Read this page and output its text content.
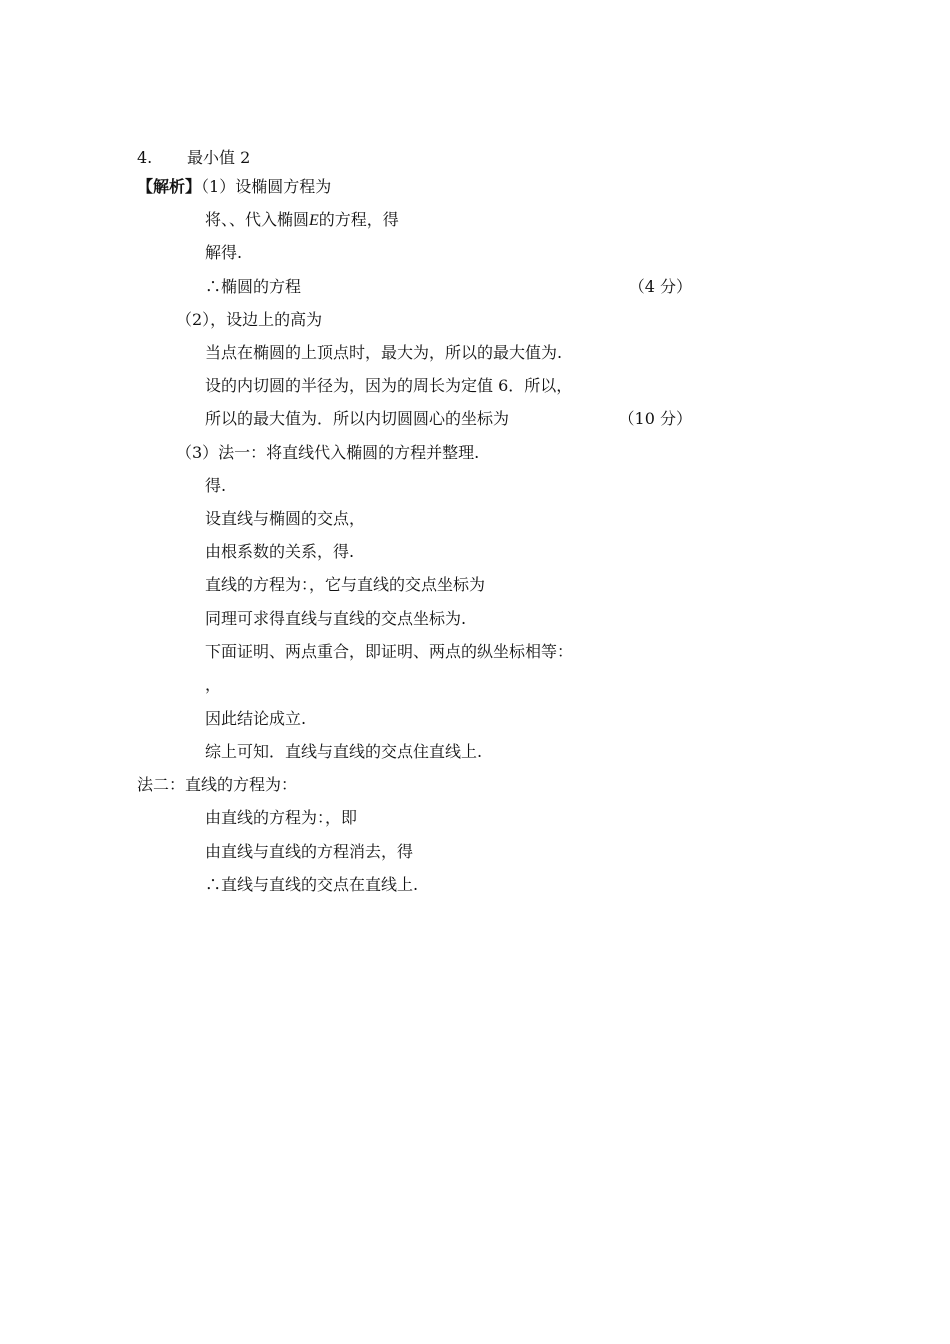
4. 最小值 2
【解析】（1）设椭圆方程为
将、、代入椭圆E的方程，得
解得.
∴椭圆的方程	（4 分）
（2），设边上的高为
当点在椭圆的上顶点时，最大为，所以的最大值为.
设的内切圆的半径为，因为的周长为定值 6．所以，
所以的最大值为．所以内切圆圆心的坐标为	（10 分）
（3）法一：将直线代入椭圆的方程并整理.
得.
设直线与椭圆的交点，
由根系数的关系，得.
直线的方程为：，它与直线的交点坐标为
同理可求得直线与直线的交点坐标为.
下面证明、两点重合，即证明、两点的纵坐标相等：
，
因此结论成立.
综上可知．直线与直线的交点住直线上.
法二：直线的方程为：
由直线的方程为：，即
由直线与直线的方程消去，得
∴直线与直线的交点在直线上.
